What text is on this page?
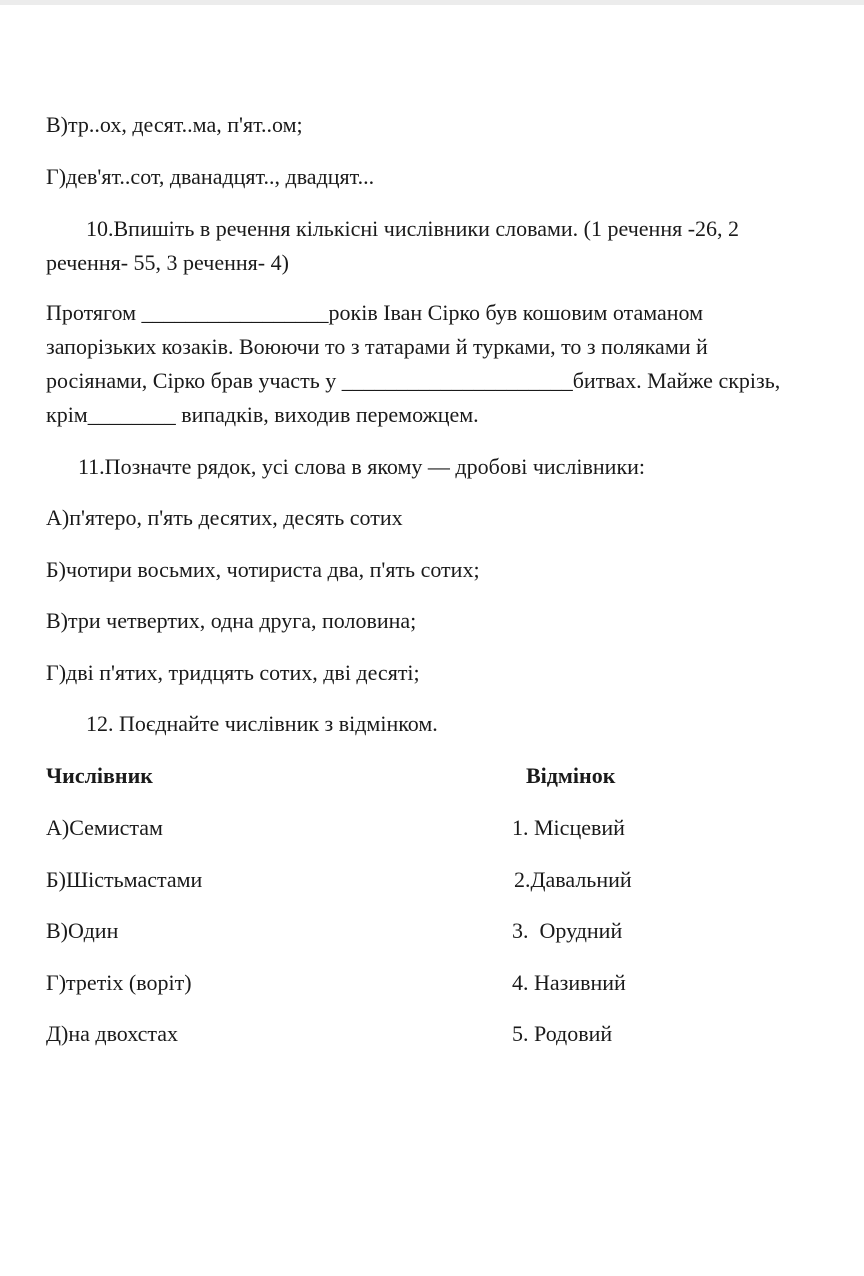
В)тр..ох, десят..ма, п'ят..ом;
Г)дев'ят..сот, дванадцят.., двадцят...
10.Впишіть в речення кількісні числівники словами. (1 речення -26, 2
речення- 55, 3 речення- 4)
Протягом _________________років Іван Сірко був кошовим отаманом
запорізьких козаків. Воюючи то з татарами й турками, то з поляками й
росіянами, Сірко брав участь у _____________________битвах. Майже скрізь,
крім________ випадків, виходив переможцем.
11.Позначте рядок, усі слова в якому — дробові числівники:
А)п'ятеро, п'ять десятих, десять сотих
Б)чотири восьмих, чотириста два, п'ять сотих;
В)три четвертих, одна друга, половина;
Г)дві п'ятих, тридцять сотих, дві десяті;
12. Поєднайте числівник з відмінком.
Числівник	Відмінок
А)Семистам	1. Місцевий
Б)Шістьмастами	2.Давальний
В)Один	3.  Орудний
Г)третіх (воріт)	4. Називний
Д)на двохстах	5. Родовий
